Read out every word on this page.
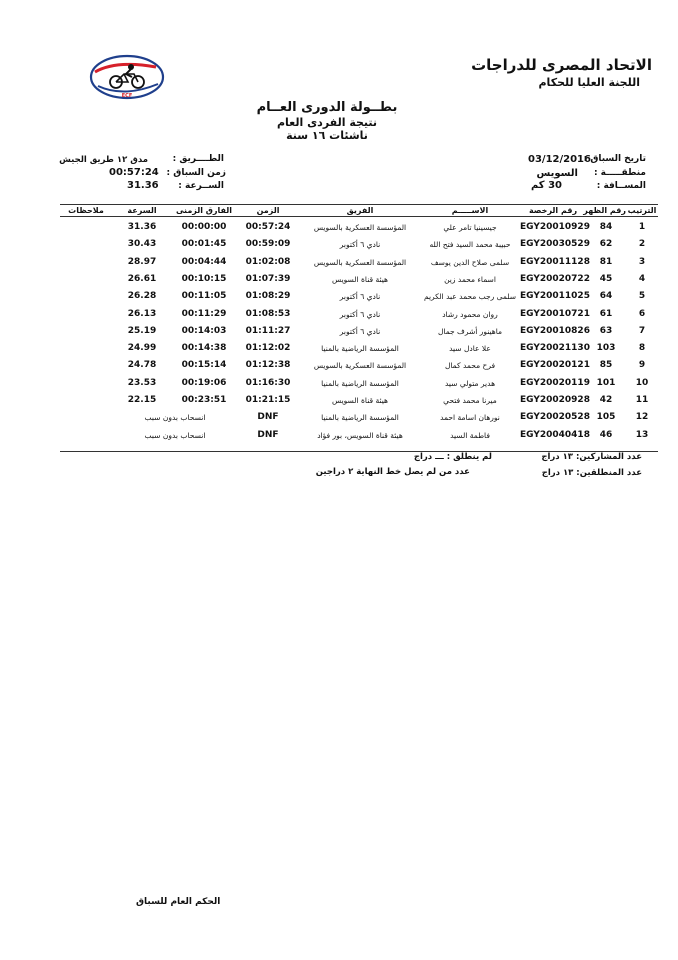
الاتحاد المصرى للدراجات
اللجنة العليا للحكام
ECF
بطــولة الدورى العــام
نتيجة الفردى العام
ناشئات ١٦ سنة
تاريخ السباق :
03/12/2016
منطقـــــة :
السويس
المســافة :
30 كم
الطــــريق :
مدق ١٢ طريق الجيش
زمن السباق :
00:57:24
الســرعة :
31.36
الترتيب
رقم الظهر
رقم الرخصة
الاســـــم
الفريق
الزمن
الفارق الزمنى
السرعة
ملاحظات
1
84
EGY20010929
جيسينيا تامر علي
المؤسسة العسكرية بالسويس
00:57:24
00:00:00
31.36
2
62
EGY20030529
حبيبة محمد السيد فتح الله
نادي ٦ أكتوبر
00:59:09
00:01:45
30.43
3
81
EGY20011128
سلمى صلاح الدين يوسف
المؤسسة العسكرية بالسويس
01:02:08
00:04:44
28.97
4
45
EGY20020722
اسماء محمد زين
هيئة قناة السويس
01:07:39
00:10:15
26.61
5
64
EGY20011025
سلمى رجب محمد عبد الكريم
نادي ٦ أكتوبر
01:08:29
00:11:05
26.28
6
61
EGY20010721
روان محمود رشاد
نادي ٦ أكتوبر
01:08:53
00:11:29
26.13
7
63
EGY20010826
ماهينور أشرف جمال
نادي ٦ أكتوبر
01:11:27
00:14:03
25.19
8
103
EGY20021130
علا عادل سيد
المؤسسة الرياضية بالمنيا
01:12:02
00:14:38
24.99
9
85
EGY20020121
فرح محمد كمال
المؤسسة العسكرية بالسويس
01:12:38
00:15:14
24.78
10
101
EGY20020119
هدير متولي سيد
المؤسسة الرياضية بالمنيا
01:16:30
00:19:06
23.53
11
42
EGY20020928
ميرنا محمد فتحي
هيئة قناة السويس
01:21:15
00:23:51
22.15
12
105
EGY20020528
نورهان اسامة احمد
المؤسسة الرياضية بالمنيا
DNF
انسحاب بدون سبب
13
46
EGY20040418
فاطمة السيد
هيئة قناة السويس، بور فؤاد
DNF
انسحاب بدون سبب
عدد المشاركين: ١٣ دراج
لم ينطلق : ـــ دراج
عدد المنطلقين: ١٣ دراج
عدد من لم يصل خط النهاية ٢ دراجين
الحكم العام للسباق
